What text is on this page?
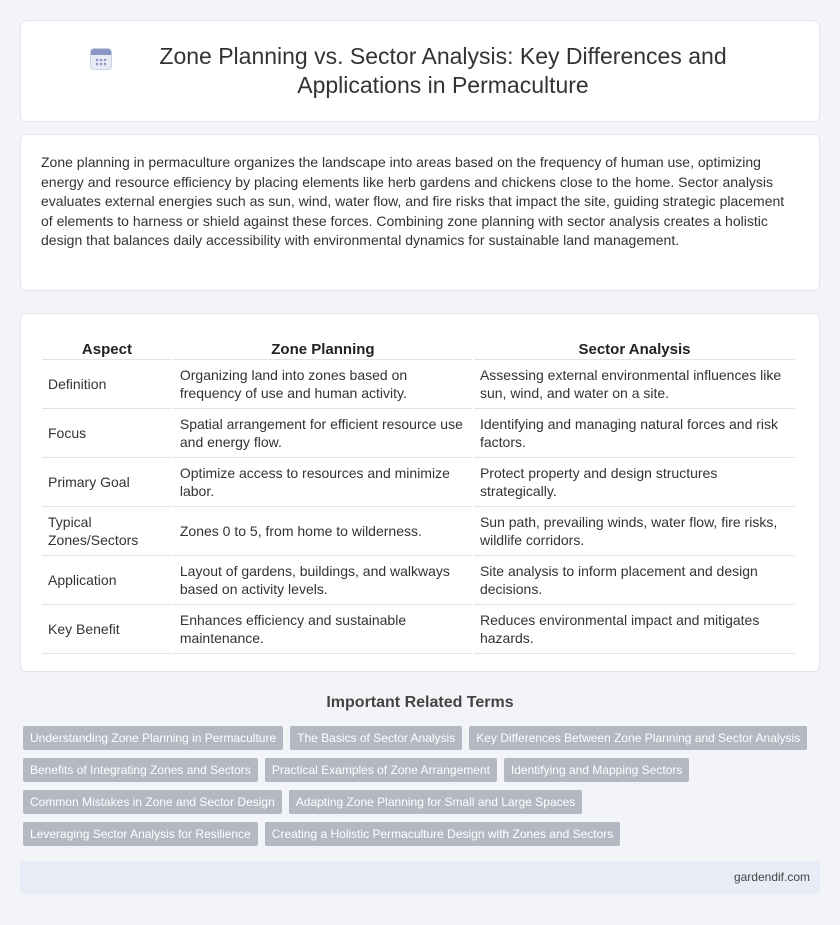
Zone Planning vs. Sector Analysis: Key Differences and Applications in Permaculture

Zone planning in permaculture organizes the landscape into areas based on the frequency of human use, optimizing energy and resource efficiency by placing elements like herb gardens and chickens close to the home. Sector analysis evaluates external energies such as sun, wind, water flow, and fire risks that impact the site, guiding strategic placement of elements to harness or shield against these forces. Combining zone planning with sector analysis creates a holistic design that balances daily accessibility with environmental dynamics for sustainable land management.

Aspect	Zone Planning	Sector Analysis
Definition	Organizing land into zones based on frequency of use and human activity.	Assessing external environmental influences like sun, wind, and water on a site.
Focus	Spatial arrangement for efficient resource use and energy flow.	Identifying and managing natural forces and risk factors.
Primary Goal	Optimize access to resources and minimize labor.	Protect property and design structures strategically.
Typical Zones/Sectors	Zones 0 to 5, from home to wilderness.	Sun path, prevailing winds, water flow, fire risks, wildlife corridors.
Application	Layout of gardens, buildings, and walkways based on activity levels.	Site analysis to inform placement and design decisions.
Key Benefit	Enhances efficiency and sustainable maintenance.	Reduces environmental impact and mitigates hazards.
Important Related Terms
Understanding Zone Planning in Permaculture	The Basics of Sector Analysis	Key Differences Between Zone Planning and Sector Analysis
Benefits of Integrating Zones and Sectors	Practical Examples of Zone Arrangement	Identifying and Mapping Sectors
Common Mistakes in Zone and Sector Design	Adapting Zone Planning for Small and Large Spaces
Leveraging Sector Analysis for Resilience	Creating a Holistic Permaculture Design with Zones and Sectors
gardendif.com
